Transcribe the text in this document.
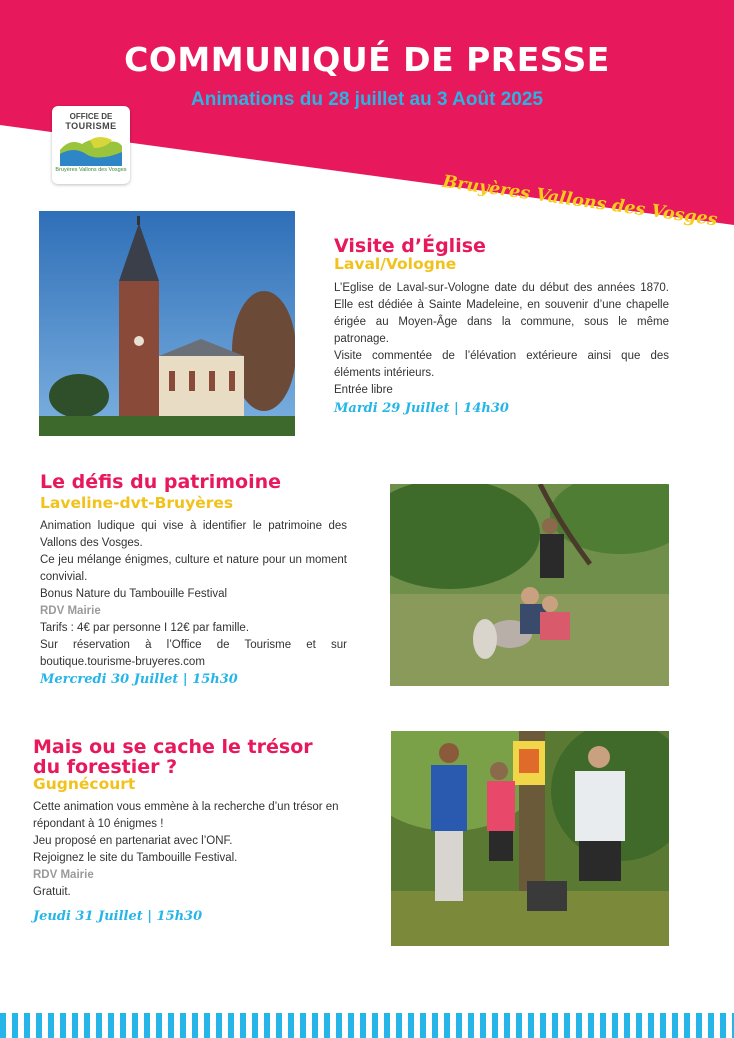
COMMUNIQUÉ DE PRESSE
Animations du 28 juillet au 3 Août 2025
OFFICE DE
TOURISME
Bruyères Vallons des Vosges
Bruyères Vallons des Vosges
Visite d’Église
Laval/Vologne

L’Eglise de Laval-sur-Vologne date du début des années 1870. Elle est dédiée à Sainte Madeleine, en souvenir d’une chapelle érigée au Moyen-Âge dans la commune, sous le même patronage.

Visite commentée de l’élévation extérieure ainsi que des éléments intérieurs.

Entrée libre

Mardi 29 Juillet | 14h30
Le défis du patrimoine
Laveline-dvt-Bruyères

Animation ludique qui vise à identifier le patrimoine des Vallons des Vosges.

Ce jeu mélange énigmes, culture et nature pour un moment convivial.

Bonus Nature du Tambouille Festival

RDV Mairie

Tarifs : 4€ par personne I 12€ par famille.

Sur réservation à l’Office de Tourisme et sur boutique.tourisme-bruyeres.com

Mercredi 30 Juillet | 15h30
Mais ou se cache le trésor du forestier ?
Gugnécourt

Cette animation vous emmène à la recherche d’un trésor en répondant à 10 énigmes !

Jeu proposé en partenariat avec l’ONF.

Rejoignez le site du Tambouille Festival.

RDV Mairie

Gratuit.

Jeudi 31 Juillet | 15h30
